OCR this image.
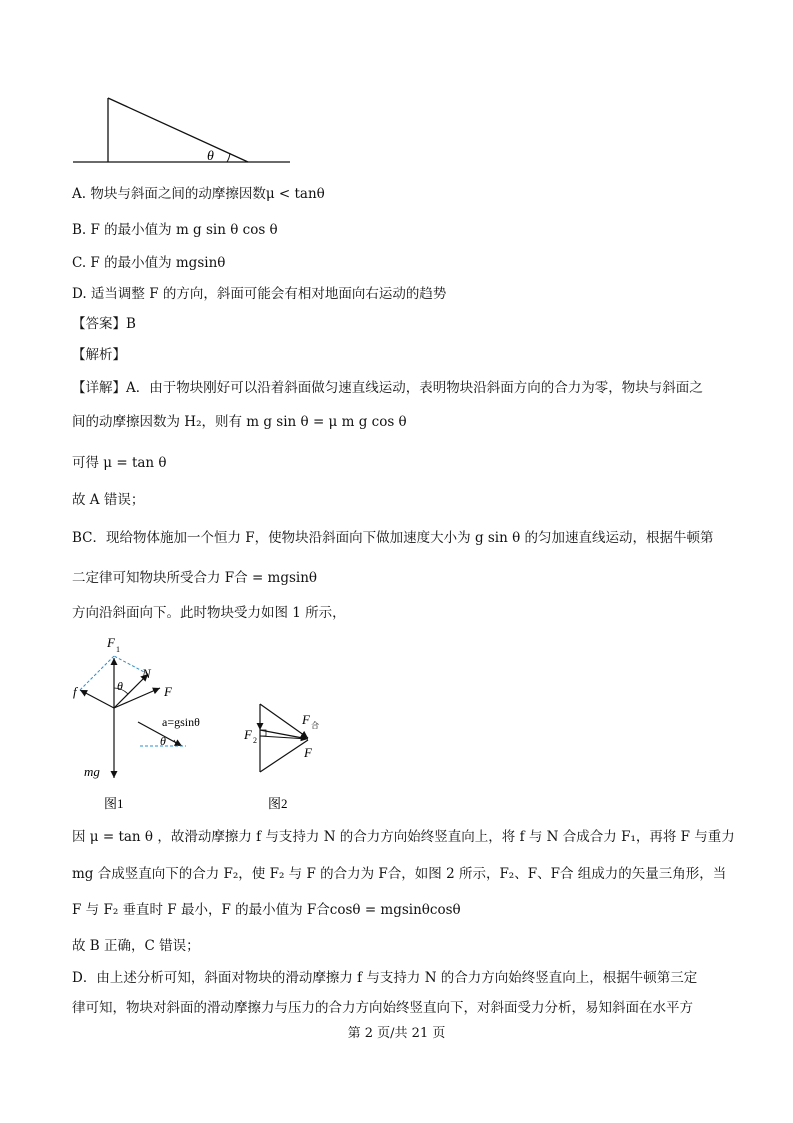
θ
A. 物块与斜面之间的动摩擦因数μ < tanθ
B. F 的最小值为 m g sin θ cos θ
C. F 的最小值为 mgsinθ
D. 适当调整 F 的方向，斜面可能会有相对地面向右运动的趋势
【答案】B
【解析】
【详解】A．由于物块刚好可以沿着斜面做匀速直线运动，表明物块沿斜面方向的合力为零，物块与斜面之
间的动摩擦因数为 H₂，则有 m g sin θ = μ m g cos θ
可得 μ = tan θ
故 A 错误；
BC．现给物体施加一个恒力 F，使物块沿斜面向下做加速度大小为 g sin θ 的匀加速直线运动，根据牛顿第
二定律可知物块所受合力 F合 = mgsinθ
方向沿斜面向下。此时物块受力如图 1 所示，
F 1
N
F
f	θ
a=gsinθ
θ
mg
图1
F 2
F 合
F
图2
因 μ = tan θ ，故滑动摩擦力 f 与支持力 N 的合力方向始终竖直向上，将 f 与 N 合成合力 F₁，再将 F 与重力
mg 合成竖直向下的合力 F₂，使 F₂ 与 F 的合力为 F合，如图 2 所示，F₂、F、F合 组成力的矢量三角形，当
F 与 F₂ 垂直时 F 最小，F 的最小值为 F合cosθ = mgsinθcosθ
故 B 正确，C 错误；
D．由上述分析可知，斜面对物块的滑动摩擦力 f 与支持力 N 的合力方向始终竖直向上，根据牛顿第三定
律可知，物块对斜面的滑动摩擦力与压力的合力方向始终竖直向下，对斜面受力分析，易知斜面在水平方
第 2 页/共 21 页
